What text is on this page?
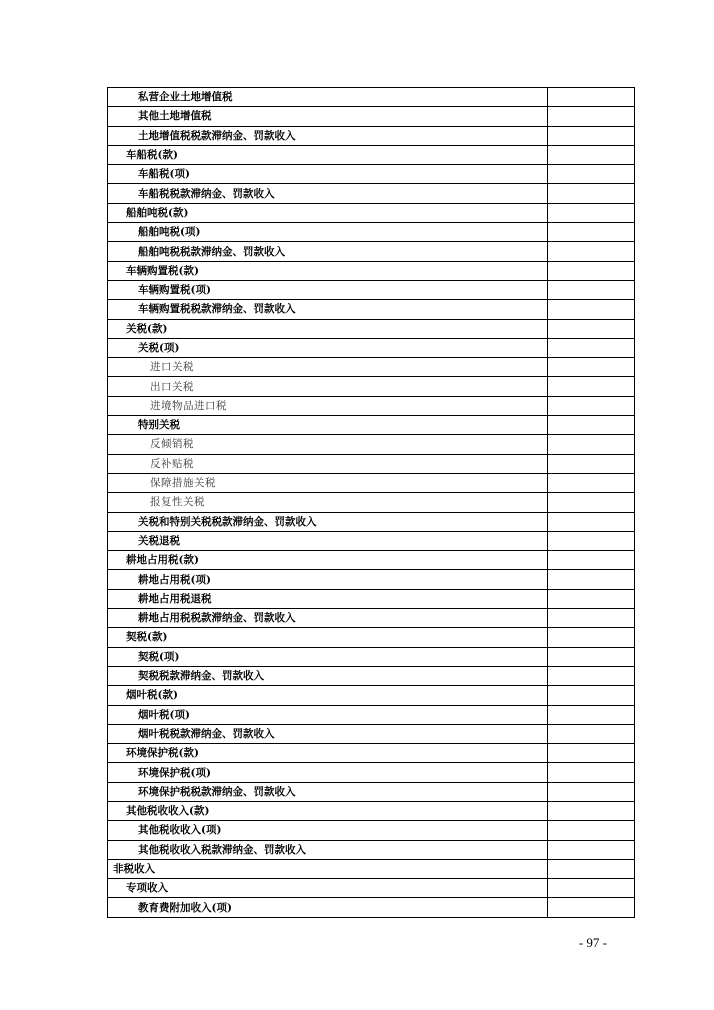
私营企业土地增值税	
其他土地增值税	
土地增值税税款滞纳金、罚款收入	
车船税(款)	
车船税(项)	
车船税税款滞纳金、罚款收入	
船舶吨税(款)	
船舶吨税(项)	
船舶吨税税款滞纳金、罚款收入	
车辆购置税(款)	
车辆购置税(项)	
车辆购置税税款滞纳金、罚款收入	
关税(款)	
关税(项)	
进口关税	
出口关税	
进境物品进口税	
特别关税	
反倾销税	
反补贴税	
保障措施关税	
报复性关税	
关税和特别关税税款滞纳金、罚款收入	
关税退税	
耕地占用税(款)	
耕地占用税(项)	
耕地占用税退税	
耕地占用税税款滞纳金、罚款收入	
契税(款)	
契税(项)	
契税税款滞纳金、罚款收入	
烟叶税(款)	
烟叶税(项)	
烟叶税税款滞纳金、罚款收入	
环境保护税(款)	
环境保护税(项)	
环境保护税税款滞纳金、罚款收入	
其他税收收入(款)	
其他税收收入(项)	
其他税收收入税款滞纳金、罚款收入	
非税收入	
专项收入	
教育费附加收入(项)	
- 97 -
